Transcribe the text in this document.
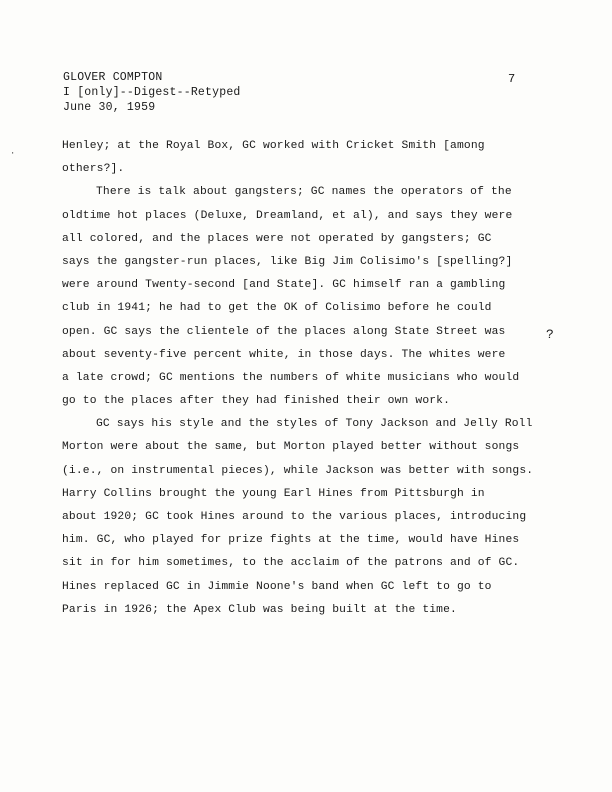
GLOVER COMPTON
I [only]--Digest--Retyped
June 30, 1959
7
⋅
Henley; at the Royal Box, GC worked with Cricket Smith [among
others?].
There is talk about gangsters; GC names the operators of the
oldtime hot places (Deluxe, Dreamland, et al), and says they were
all colored, and the places were not operated by gangsters; GC
says the gangster-run places, like Big Jim Colisimo's [spelling?]
were around Twenty-second [and State]. GC himself ran a gambling
club in 1941; he had to get the OK of Colisimo before he could
open. GC says the clientele of the places along State Street was
about seventy-five percent white, in those days. The whites were
a late crowd; GC mentions the numbers of white musicians who would
go to the places after they had finished their own work.
GC says his style and the styles of Tony Jackson and Jelly Roll
Morton were about the same, but Morton played better without songs
(i.e., on instrumental pieces), while Jackson was better with songs.
Harry Collins brought the young Earl Hines from Pittsburgh in
about 1920; GC took Hines around to the various places, introducing
him. GC, who played for prize fights at the time, would have Hines
sit in for him sometimes, to the acclaim of the patrons and of GC.
Hines replaced GC in Jimmie Noone's band when GC left to go to
Paris in 1926; the Apex Club was being built at the time.
?
